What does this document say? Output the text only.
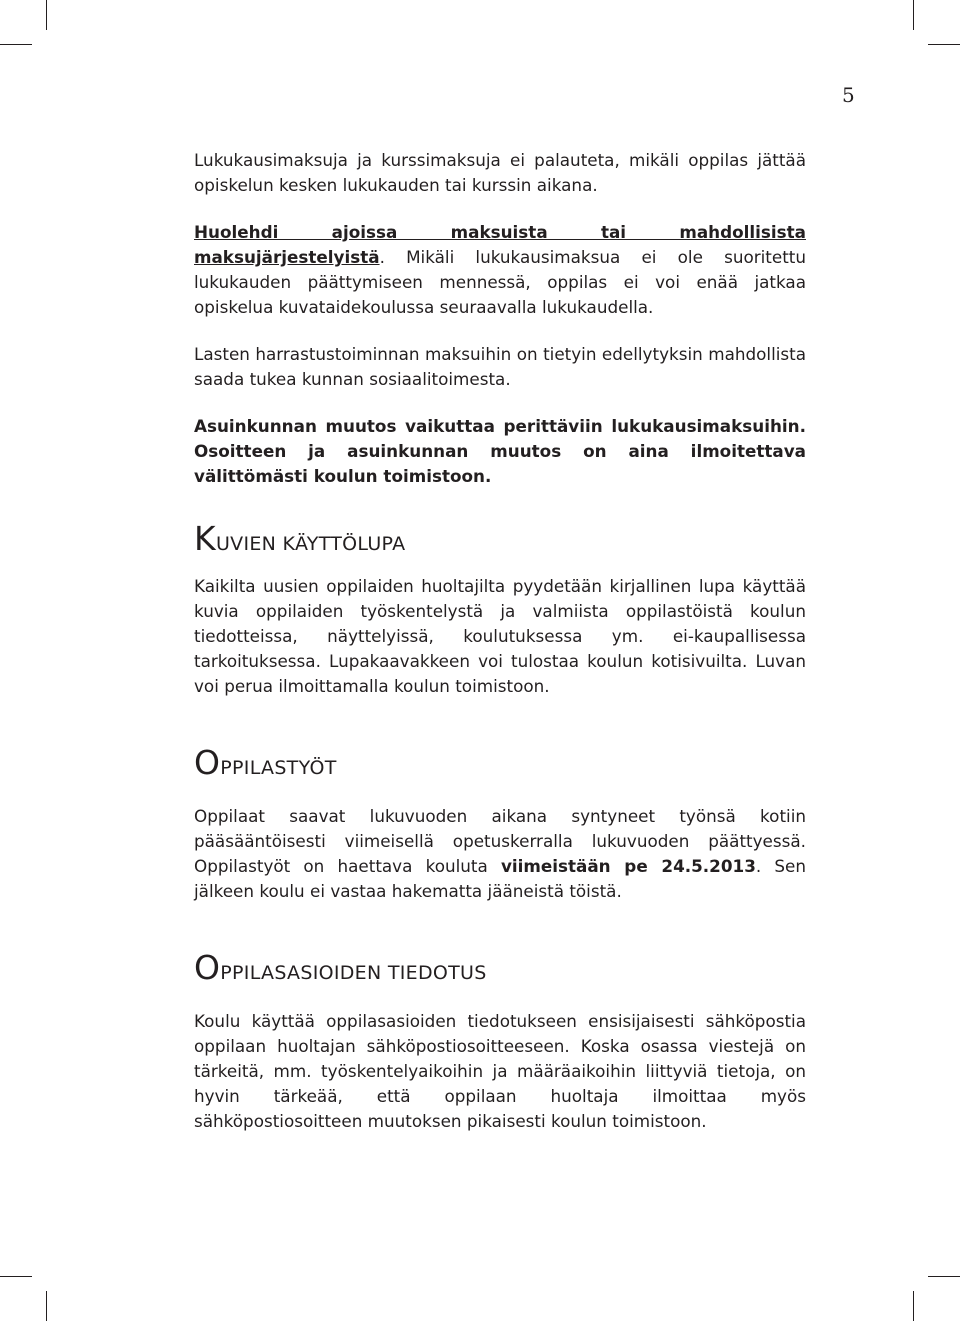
5

Lukukausimaksuja ja kurssimaksuja ei palauteta, mikäli oppilas jättää opiskelun kesken lukukauden tai kurssin aikana.

Huolehdi ajoissa maksuista tai mahdollisista maksujärjestelyistä. Mikäli lukukausimaksua ei ole suoritettu lukukauden päättymiseen mennessä, oppilas ei voi enää jatkaa opiskelua kuvataidekoulussa seuraavalla lukukaudella.

Lasten harrastustoiminnan maksuihin on tietyin edellytyksin mahdollista saada tukea kunnan sosiaalitoimesta.

Asuinkunnan muutos vaikuttaa perittäviin lukukausimaksuihin. Osoitteen ja asuinkunnan muutos on aina ilmoitettava välittömästi koulun toimistoon.

KUVIEN KÄYTTÖLUPA

Kaikilta uusien oppilaiden huoltajilta pyydetään kirjallinen lupa käyttää kuvia oppilaiden työskentelystä ja valmiista oppilastöistä koulun tiedotteissa, näyttelyissä, koulutuksessa ym. ei-kaupallisessa tarkoituksessa. Lupakaavakkeen voi tulostaa koulun kotisivuilta. Luvan voi perua ilmoittamalla koulun toimistoon.

OPPILASTYÖT

Oppilaat saavat lukuvuoden aikana syntyneet työnsä kotiin pääsääntöisesti viimeisellä opetuskerralla lukuvuoden päättyessä. Oppilastyöt on haettava kouluta viimeistään pe 24.5.2013. Sen jälkeen koulu ei vastaa hakematta jääneistä töistä.

OPPILASASIOIDEN TIEDOTUS

Koulu käyttää oppilasasioiden tiedotukseen ensisijaisesti sähköpostia oppilaan huoltajan sähköpostiosoitteeseen. Koska osassa viestejä on tärkeitä, mm. työskentelyaikoihin ja määräaikoihin liittyviä tietoja, on hyvin tärkeää, että oppilaan huoltaja ilmoittaa myös sähköpostiosoitteen muutoksen pikaisesti koulun toimistoon.
